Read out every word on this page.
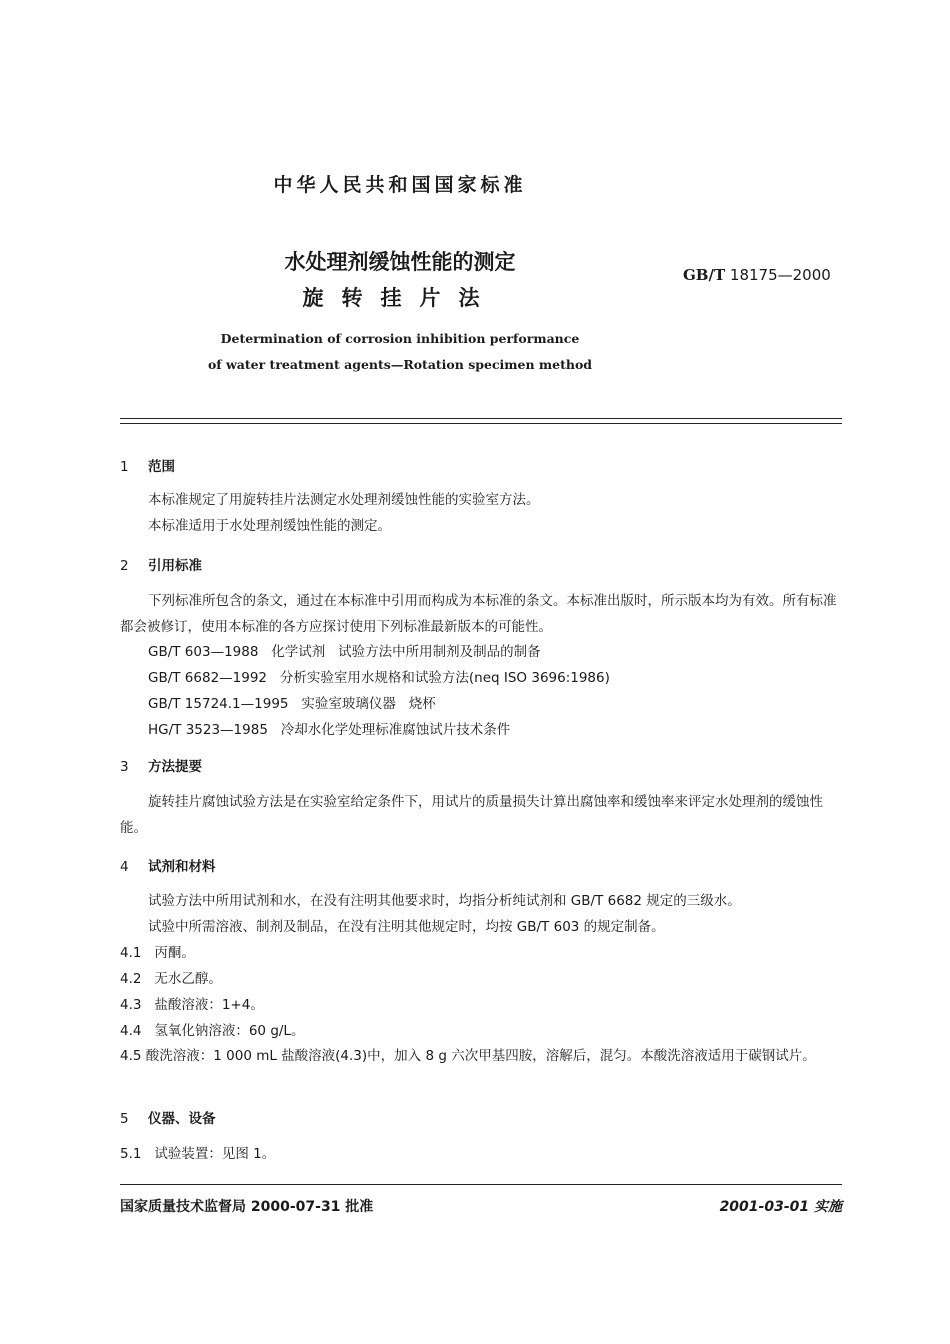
中华人民共和国国家标准
水处理剂缓蚀性能的测定
旋转挂片法
GB/T 18175—2000
Determination of corrosion inhibition performance
of water treatment agents—Rotation specimen method
1 范围
本标准规定了用旋转挂片法测定水处理剂缓蚀性能的实验室方法。
本标准适用于水处理剂缓蚀性能的测定。
2 引用标准
下列标准所包含的条文，通过在本标准中引用而构成为本标准的条文。本标准出版时，所示版本均为有效。所有标准都会被修订，使用本标准的各方应探讨使用下列标准最新版本的可能性。
GB/T 603—1988   化学试剂   试验方法中所用制剂及制品的制备
GB/T 6682—1992   分析实验室用水规格和试验方法(neq ISO 3696:1986)
GB/T 15724.1—1995   实验室玻璃仪器   烧杯
HG/T 3523—1985   冷却水化学处理标准腐蚀试片技术条件
3 方法提要
旋转挂片腐蚀试验方法是在实验室给定条件下，用试片的质量损失计算出腐蚀率和缓蚀率来评定水处理剂的缓蚀性能。
4 试剂和材料
试验方法中所用试剂和水，在没有注明其他要求时，均指分析纯试剂和 GB/T 6682 规定的三级水。
试验中所需溶液、制剂及制品，在没有注明其他规定时，均按 GB/T 603 的规定制备。
4.1   丙酮。
4.2   无水乙醇。
4.3   盐酸溶液：1+4。
4.4   氢氧化钠溶液：60 g/L。
4.5 酸洗溶液：1 000 mL 盐酸溶液(4.3)中，加入 8 g 六次甲基四胺，溶解后，混匀。本酸洗溶液适用于碳钢试片。
5 仪器、设备
5.1   试验装置：见图 1。
国家质量技术监督局 2000-07-31 批准	2001-03-01 实施
